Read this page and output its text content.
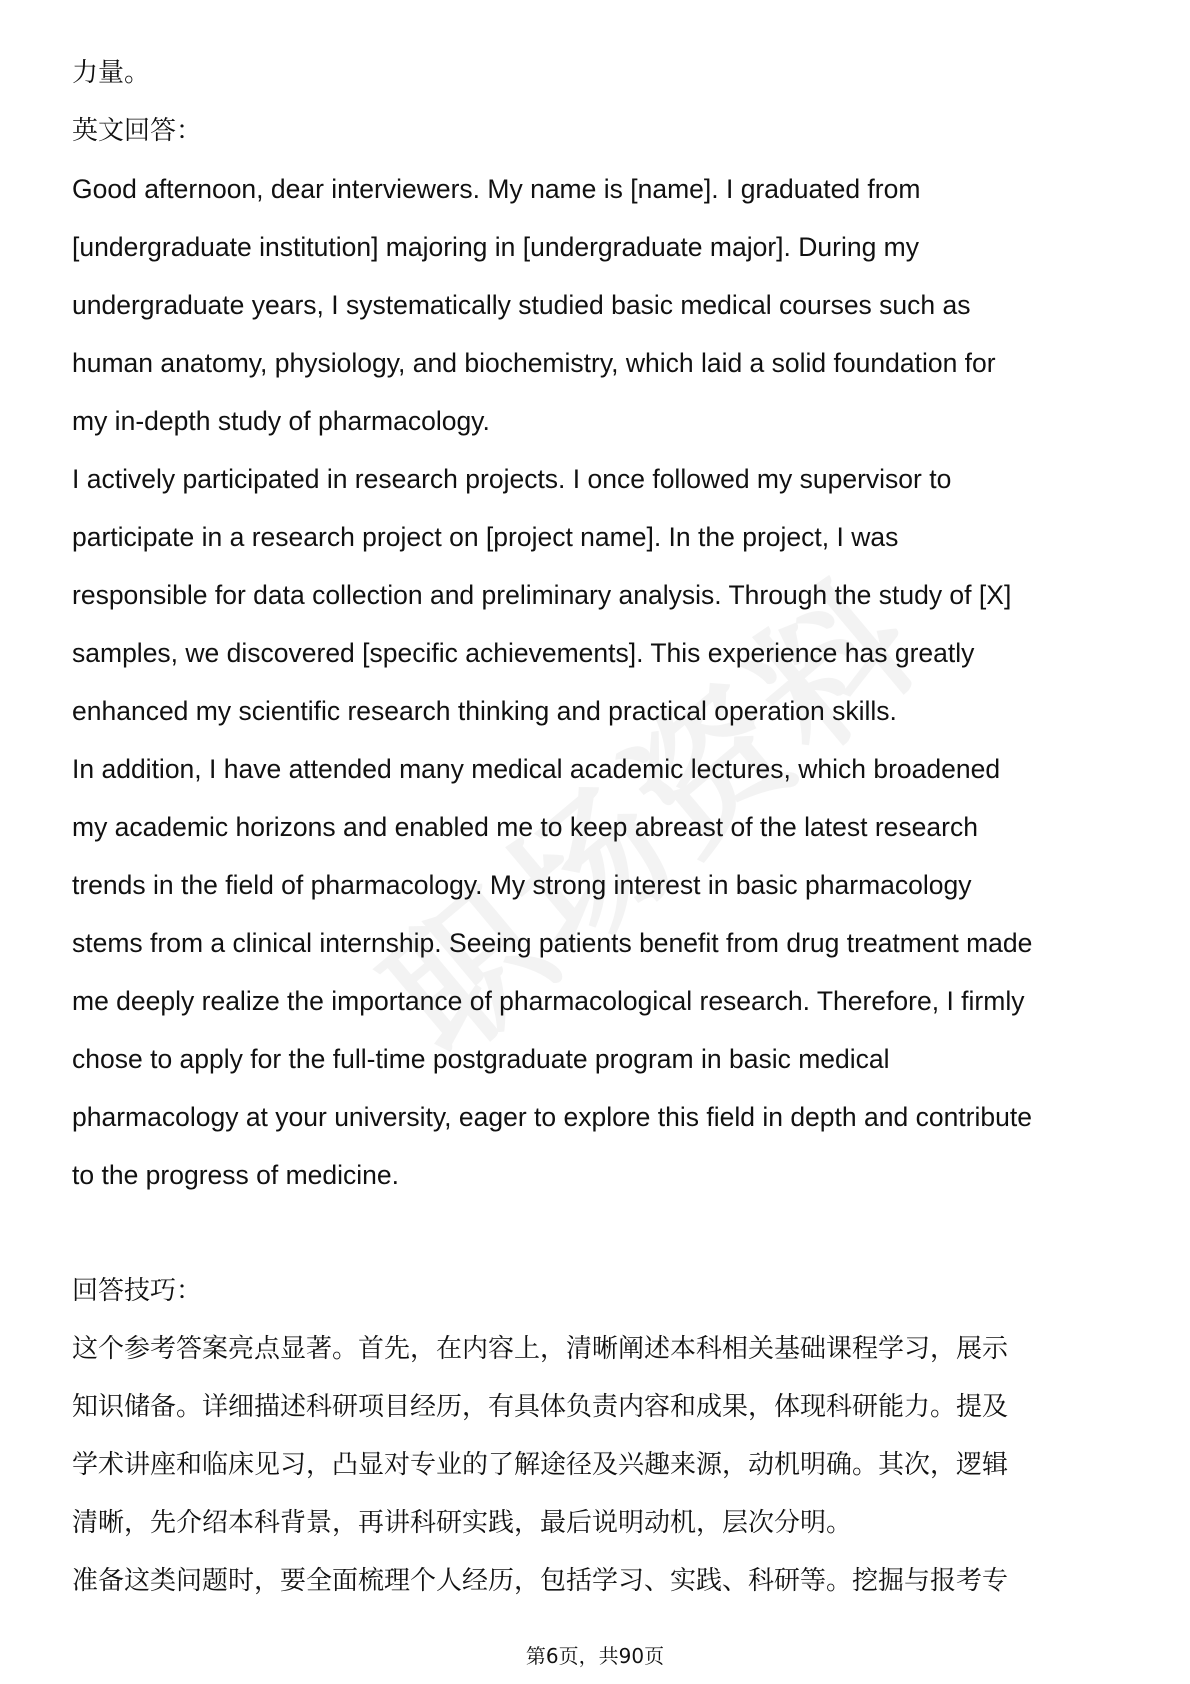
力量。
英文回答：
Good afternoon, dear interviewers. My name is [name]. I graduated from
[undergraduate institution] majoring in [undergraduate major]. During my
undergraduate years, I systematically studied basic medical courses such as
human anatomy, physiology, and biochemistry, which laid a solid foundation for
my in-depth study of pharmacology.
I actively participated in research projects. I once followed my supervisor to
participate in a research project on [project name]. In the project, I was
responsible for data collection and preliminary analysis. Through the study of [X]
samples, we discovered [specific achievements]. This experience has greatly
enhanced my scientific research thinking and practical operation skills.
In addition, I have attended many medical academic lectures, which broadened
my academic horizons and enabled me to keep abreast of the latest research
trends in the field of pharmacology. My strong interest in basic pharmacology
stems from a clinical internship. Seeing patients benefit from drug treatment made
me deeply realize the importance of pharmacological research. Therefore, I firmly
chose to apply for the full-time postgraduate program in basic medical
pharmacology at your university, eager to explore this field in depth and contribute
to the progress of medicine.
回答技巧：
这个参考答案亮点显著。首先，在内容上，清晰阐述本科相关基础课程学习，展示
知识储备。详细描述科研项目经历，有具体负责内容和成果，体现科研能力。提及
学术讲座和临床见习，凸显对专业的了解途径及兴趣来源，动机明确。其次，逻辑
清晰，先介绍本科背景，再讲科研实践，最后说明动机，层次分明。
准备这类问题时，要全面梳理个人经历，包括学习、实践、科研等。挖掘与报考专
第6页，共90页
